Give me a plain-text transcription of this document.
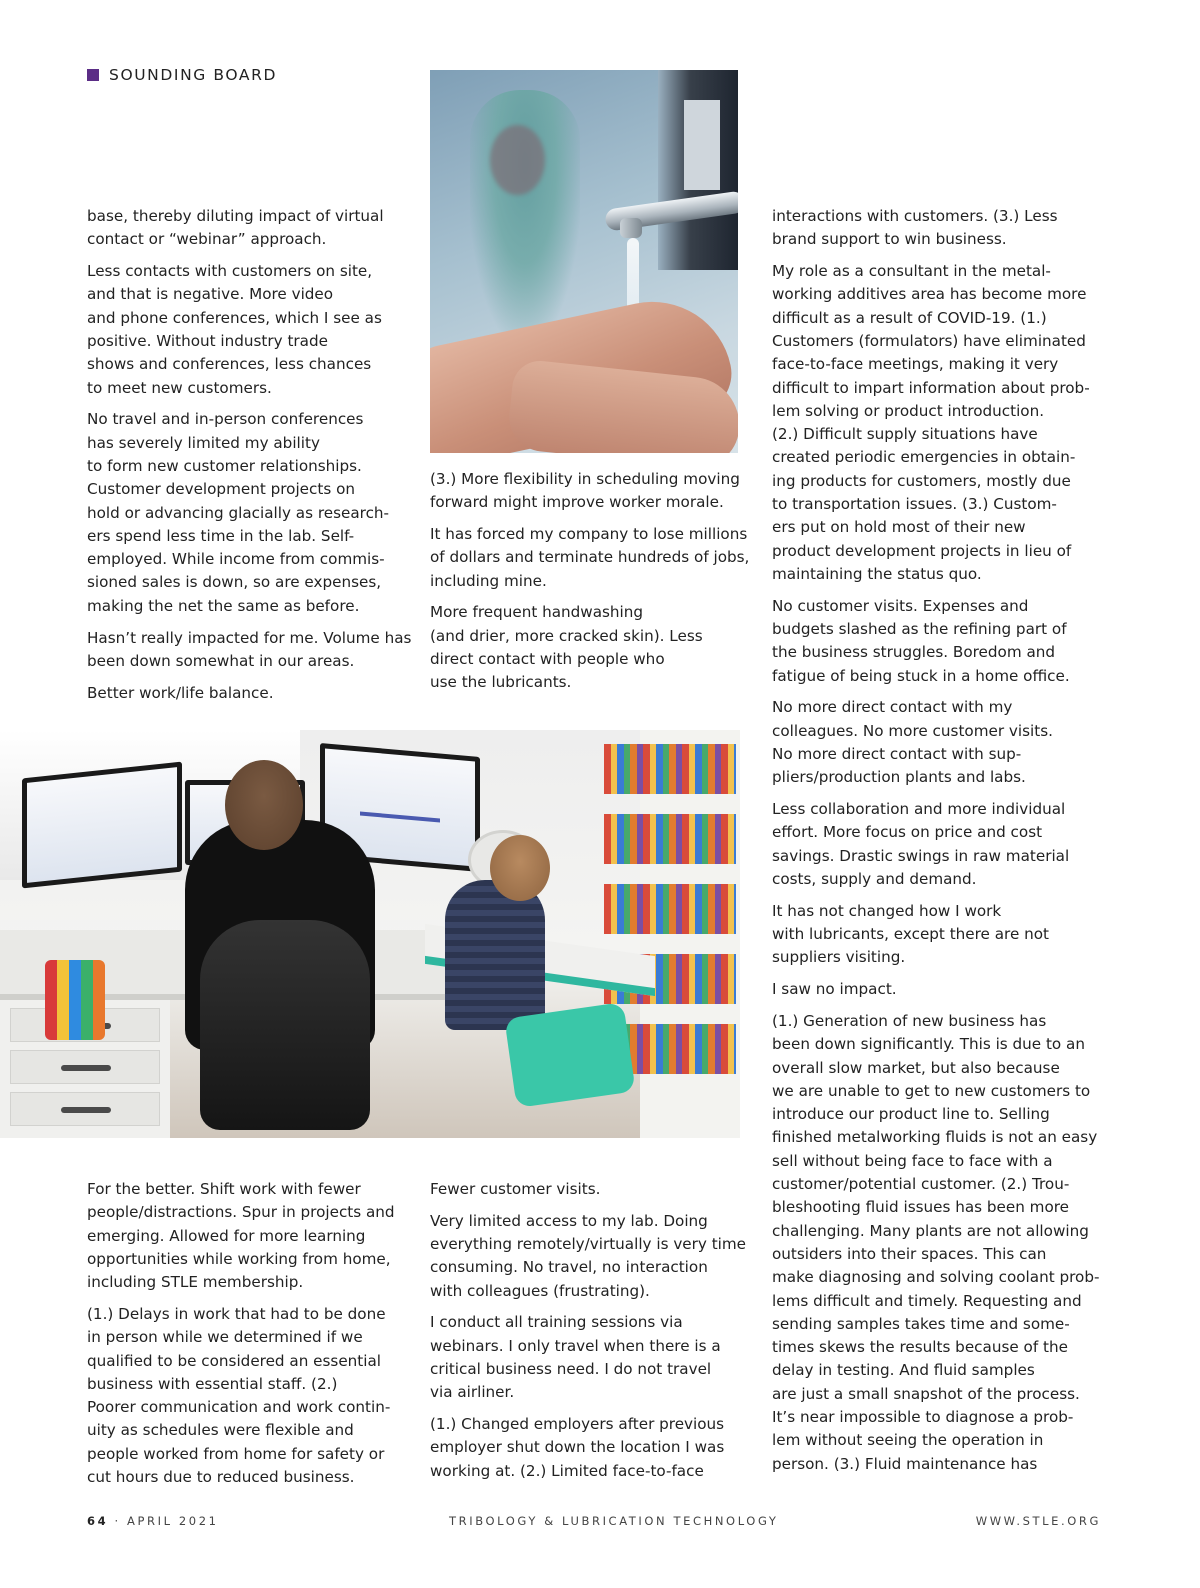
SOUNDING BOARD

base, thereby diluting impact of virtual
contact or “webinar” approach.

Less contacts with customers on site,
and that is negative. More video
and phone conferences, which I see as
positive. Without industry trade
shows and conferences, less chances
to meet new customers.

No travel and in-person conferences
has severely limited my ability
to form new customer relationships.
Customer development projects on
hold or advancing glacially as research-
ers spend less time in the lab. Self-
employed. While income from commis-
sioned sales is down, so are expenses,
making the net the same as before.

Hasn’t really impacted for me. Volume has
been down somewhat in our areas.

Better work/life balance.

(3.) More flexibility in scheduling moving
forward might improve worker morale.

It has forced my company to lose millions
of dollars and terminate hundreds of jobs,
including mine.

More frequent handwashing
(and drier, more cracked skin). Less
direct contact with people who
use the lubricants.

interactions with customers. (3.) Less
brand support to win business.

My role as a consultant in the metal-
working additives area has become more
difficult as a result of COVID-19. (1.)
Customers (formulators) have eliminated
face-to-face meetings, making it very
difficult to impart information about prob-
lem solving or product introduction.
(2.) Difficult supply situations have
created periodic emergencies in obtain-
ing products for customers, mostly due
to transportation issues. (3.) Custom-
ers put on hold most of their new
product development projects in lieu of
maintaining the status quo.

No customer visits. Expenses and
budgets slashed as the refining part of
the business struggles. Boredom and
fatigue of being stuck in a home office.

No more direct contact with my
colleagues. No more customer visits.
No more direct contact with sup-
pliers/production plants and labs.

Less collaboration and more individual
effort. More focus on price and cost
savings. Drastic swings in raw material
costs, supply and demand.

It has not changed how I work
with lubricants, except there are not
suppliers visiting.

I saw no impact.

(1.) Generation of new business has
been down significantly. This is due to an
overall slow market, but also because
we are unable to get to new customers to
introduce our product line to. Selling
finished metalworking fluids is not an easy
sell without being face to face with a
customer/potential customer. (2.) Trou-
bleshooting fluid issues has been more
challenging. Many plants are not allowing
outsiders into their spaces. This can
make diagnosing and solving coolant prob-
lems difficult and timely. Requesting and
sending samples takes time and some-
times skews the results because of the
delay in testing. And fluid samples
are just a small snapshot of the process.
It’s near impossible to diagnose a prob-
lem without seeing the operation in
person. (3.) Fluid maintenance has

For the better. Shift work with fewer
people/distractions. Spur in projects and
emerging. Allowed for more learning
opportunities while working from home,
including STLE membership.

(1.) Delays in work that had to be done
in person while we determined if we
qualified to be considered an essential
business with essential staff. (2.)
Poorer communication and work contin-
uity as schedules were flexible and
people worked from home for safety or
cut hours due to reduced business.

Fewer customer visits.

Very limited access to my lab. Doing
everything remotely/virtually is very time
consuming. No travel, no interaction
with colleagues (frustrating).

I conduct all training sessions via
webinars. I only travel when there is a
critical business need. I do not travel
via airliner.

(1.) Changed employers after previous
employer shut down the location I was
working at. (2.) Limited face-to-face

64 · APRIL 2021	TRIBOLOGY & LUBRICATION TECHNOLOGY	WWW.STLE.ORG
